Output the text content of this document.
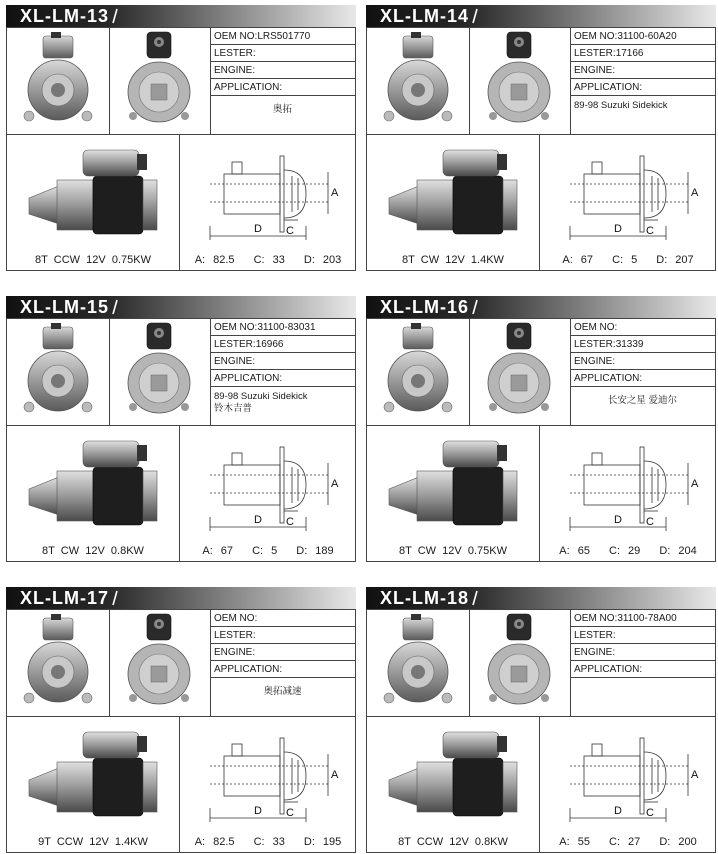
XL-LM-13
OEM NO:LRS501770
LESTER:
ENGINE:
APPLICATION:
奥拓
A
C
D
8T  CCW  12V  0.75KW	A: 82.5 C: 33 D: 203
XL-LM-14
OEM NO:31100-60A20
LESTER:17166
ENGINE:
APPLICATION:
89-98 Suzuki Sidekick
A
C
D
8T  CW  12V  1.4KW	A: 67 C: 5 D: 207
XL-LM-15
OEM NO:31100-83031
LESTER:16966
ENGINE:
APPLICATION:
89-98 Suzuki Sidekick
铃木吉普
A
C
D
8T  CW  12V  0.8KW	A: 67 C: 5 D: 189
XL-LM-16
OEM NO:
LESTER:31339
ENGINE:
APPLICATION:
长安之星 爱迪尔
A
C
D
8T  CW  12V  0.75KW	A: 65 C: 29 D: 204
XL-LM-17
OEM NO:
LESTER:
ENGINE:
APPLICATION:
奥拓减速
A
C
D
9T  CCW  12V  1.4KW	A: 82.5 C: 33 D: 195
XL-LM-18
OEM NO:31100-78A00
LESTER:
ENGINE:
APPLICATION:
A
C
D
8T  CCW  12V  0.8KW	A: 55 C: 27 D: 200
